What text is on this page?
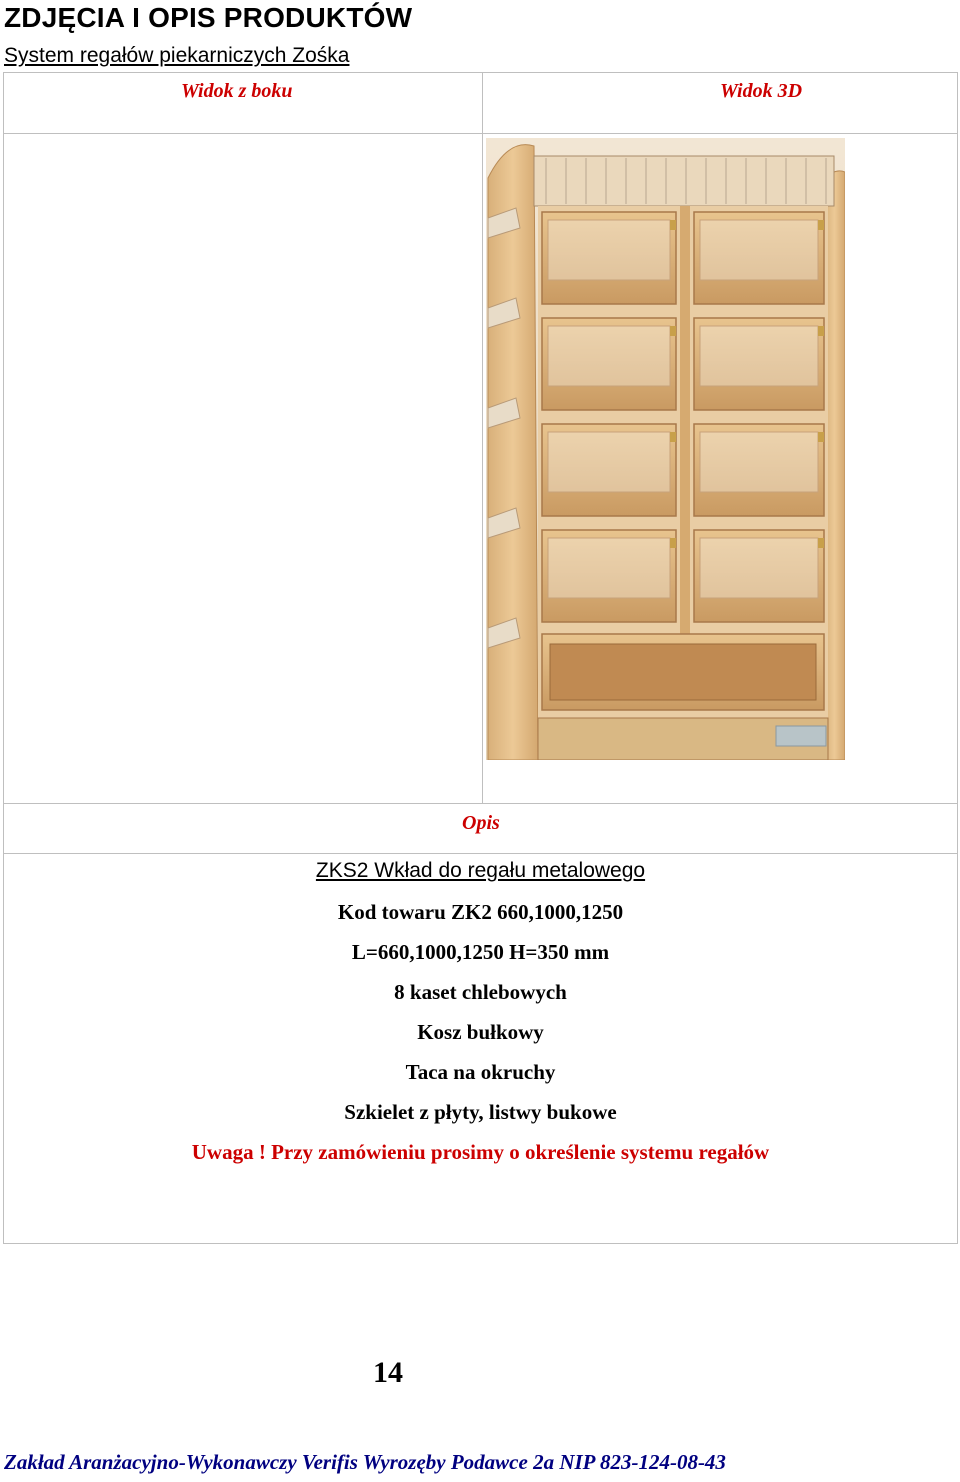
ZDJĘCIA I OPIS PRODUKTÓW
System regałów piekarniczych Zośka
Widok z boku	Widok 3D
Opis
ZKS2 Wkład do regału metalowego
Kod towaru ZK2 660,1000,1250
L=660,1000,1250 H=350 mm
8 kaset chlebowych
Kosz bułkowy
Taca na okruchy
Szkielet z płyty, listwy bukowe
Uwaga ! Przy zamówieniu prosimy o określenie systemu regałów
14
Zakład Aranżacyjno-Wykonawczy Verifis Wyrozęby Podawce 2a NIP 823-124-08-43
